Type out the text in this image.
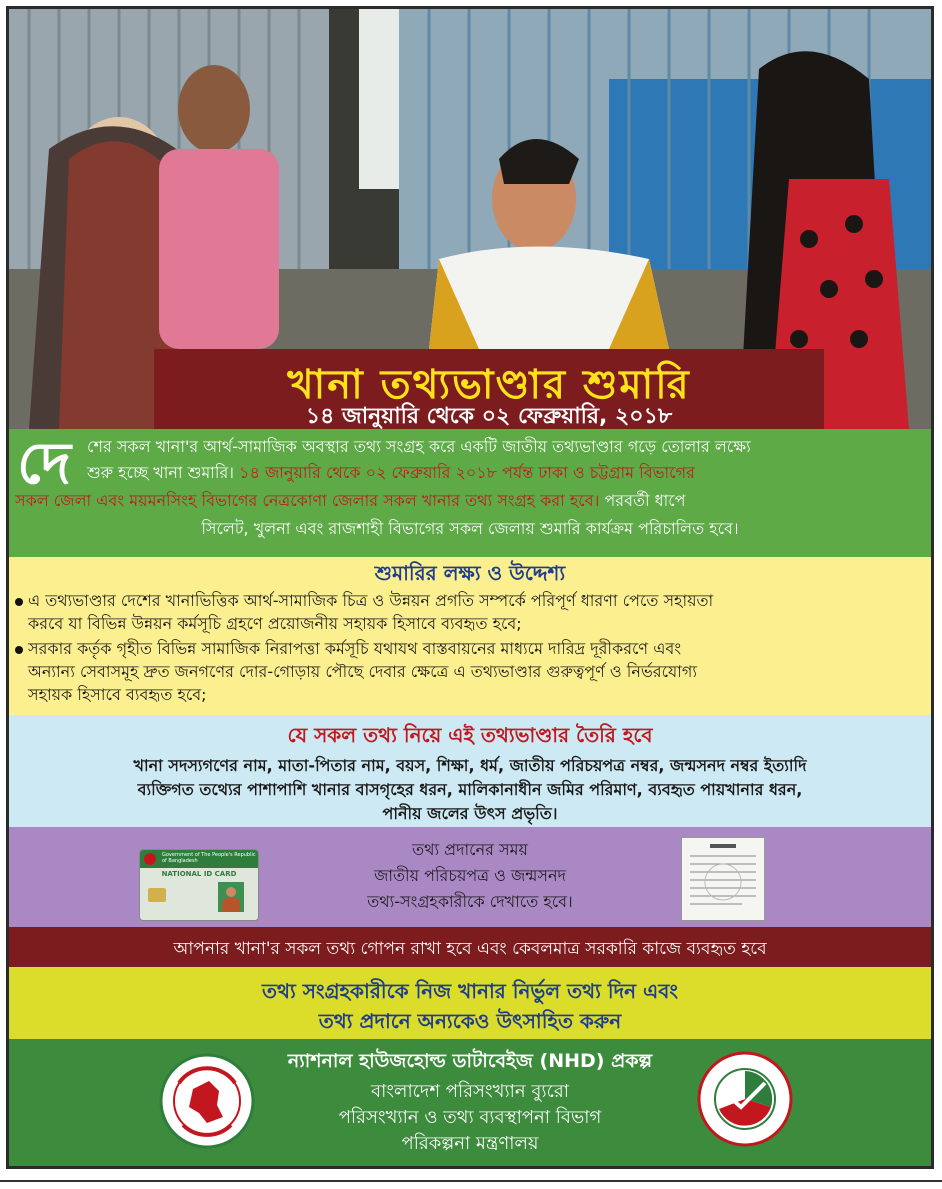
খানা তথ্যভাণ্ডার শুমারি
১৪ জানুয়ারি থেকে ০২ ফেব্রুয়ারি, ২০১৮
দে শের সকল খানা'র আর্থ-সামাজিক অবস্থার তথ্য সংগ্রহ করে একটি জাতীয় তথ্যভাণ্ডার গড়ে তোলার লক্ষ্যে
শুরু হচ্ছে খানা শুমারি। ১৪ জানুয়ারি থেকে ০২ ফেব্রুয়ারি ২০১৮ পর্যন্ত ঢাকা ও চট্টগ্রাম বিভাগের
সকল জেলা এবং ময়মনসিংহ বিভাগের নেত্রকোণা জেলার সকল খানার তথ্য সংগ্রহ করা হবে। পরবর্তী ধাপে
সিলেট, খুলনা এবং রাজশাহী বিভাগের সকল জেলায় শুমারি কার্যক্রম পরিচালিত হবে।
শুমারির লক্ষ্য ও উদ্দেশ্য
এ তথ্যভাণ্ডার দেশের খানাভিত্তিক আর্থ-সামাজিক চিত্র ও উন্নয়ন প্রগতি সম্পর্কে পরিপূর্ণ ধারণা পেতে সহায়তা
করবে যা বিভিন্ন উন্নয়ন কর্মসূচি গ্রহণে প্রয়োজনীয় সহায়ক হিসাবে ব্যবহৃত হবে;
সরকার কর্তৃক গৃহীত বিভিন্ন সামাজিক নিরাপত্তা কর্মসূচি যথাযথ বাস্তবায়নের মাধ্যমে দারিদ্র দূরীকরণে এবং
অন্যান্য সেবাসমূহ দ্রুত জনগণের দোর-গোড়ায় পৌছে দেবার ক্ষেত্রে এ তথ্যভাণ্ডার গুরুত্বপূর্ণ ও নির্ভরযোগ্য
সহায়ক হিসাবে ব্যবহৃত হবে;
যে সকল তথ্য নিয়ে এই তথ্যভাণ্ডার তৈরি হবে
খানা সদস্যগণের নাম, মাতা-পিতার নাম, বয়স, শিক্ষা, ধর্ম, জাতীয় পরিচয়পত্র নম্বর, জন্মসনদ নম্বর ইত্যাদি
ব্যক্তিগত তথ্যের পাশাপাশি খানার বাসগৃহের ধরন, মালিকানাধীন জমির পরিমাণ, ব্যবহৃত পায়খানার ধরন,
পানীয় জলের উৎস প্রভৃতি।
Government of The People's Republic of Bangladesh
NATIONAL ID CARD
তথ্য প্রদানের সময়
জাতীয় পরিচয়পত্র ও জন্মসনদ
তথ্য-সংগ্রহকারীকে দেখাতে হবে।
আপনার খানা'র সকল তথ্য গোপন রাখা হবে এবং কেবলমাত্র সরকারি কাজে ব্যবহৃত হবে
তথ্য সংগ্রহকারীকে নিজ খানার নির্ভুল তথ্য দিন এবং
তথ্য প্রদানে অন্যকেও উৎসাহিত করুন
ন্যাশনাল হাউজহোল্ড ডাটাবেইজ (NHD) প্রকল্প
বাংলাদেশ পরিসংখ্যান ব্যুরো
পরিসংখ্যান ও তথ্য ব্যবস্থাপনা বিভাগ
পরিকল্পনা মন্ত্রণালয়
